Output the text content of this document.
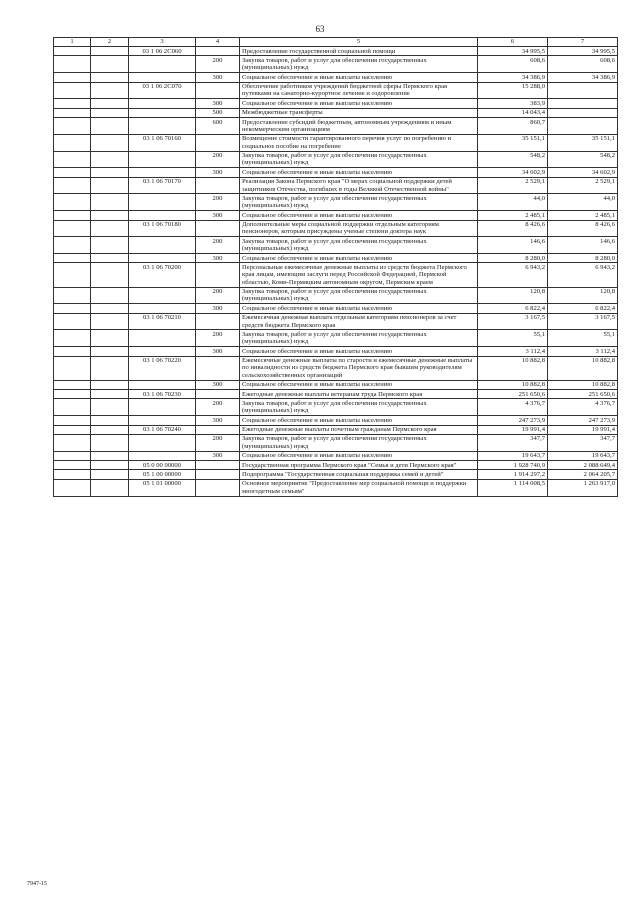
63
1	2	3	4	5	6	7
		03 1 06 2С060		Предоставление государственной социальной помощи	34 995,5	34 995,5
			200	Закупка товаров, работ и услуг для обеспечения государственных (муниципальных) нужд	608,6	608,6
			300	Социальное обеспечение и иные выплаты населению	34 386,9	34 386,9
		03 1 06 2С070		Обеспечение работников учреждений бюджетной сферы Пермского края путевками на санаторно-курортное лечение и оздоровление	15 288,0	
			300	Социальное обеспечение и иные выплаты населению	383,9	
			500	Межбюджетные трансферты	14 043,4	
			600	Предоставление субсидий бюджетным, автономным учреждениям и иным некоммерческим организациям	860,7	
		03 1 06 70160		Возмещение стоимости гарантированного перечня услуг по погребению и социальное пособие на погребение	35 151,1	35 151,1
			200	Закупка товаров, работ и услуг для обеспечения государственных (муниципальных) нужд	548,2	548,2
			300	Социальное обеспечение и иные выплаты населению	34 602,9	34 602,9
		03 1 06 70170		Реализация Закона Пермского края "О мерах социальной поддержки детей защитников Отечества, погибших в годы Великой Отечественной войны"	2 529,1	2 529,1
			200	Закупка товаров, работ и услуг для обеспечения государственных (муниципальных) нужд	44,0	44,0
			300	Социальное обеспечение и иные выплаты населению	2 485,1	2 485,1
		03 1 06 70180		Дополнительные меры социальной поддержки отдельным категориям пенсионеров, которым присуждены ученые степени доктора наук	8 426,6	8 426,6
			200	Закупка товаров, работ и услуг для обеспечения государственных (муниципальных) нужд	146,6	146,6
			300	Социальное обеспечение и иные выплаты населению	8 280,0	8 280,0
		03 1 06 70200		Персональные ежемесячные денежные выплаты из средств бюджета Пермского края лицам, имеющим заслуги перед Российской Федерацией, Пермской областью, Коми-Пермяцким автономным округом, Пермским краем	6 943,2	6 943,2
			200	Закупка товаров, работ и услуг для обеспечения государственных (муниципальных) нужд	120,8	120,8
			300	Социальное обеспечение и иные выплаты населению	6 822,4	6 822,4
		03 1 06 70210		Ежемесячная денежная выплата отдельным категориям пенсионеров за счет средств бюджета Пермского края	3 167,5	3 167,5
			200	Закупка товаров, работ и услуг для обеспечения государственных (муниципальных) нужд	55,1	55,1
			300	Социальное обеспечение и иные выплаты населению	3 112,4	3 112,4
		03 1 06 70220		Ежемесячные денежные выплаты по старости и ежемесячные денежные выплаты по инвалидности из средств бюджета Пермского края бывшим руководителям сельскохозяйственных организаций	10 882,8	10 882,8
			300	Социальное обеспечение и иные выплаты населению	10 882,8	10 882,8
		03 1 06 70230		Ежегодные денежные выплаты ветеранам труда Пермского края	251 650,6	251 650,6
			200	Закупка товаров, работ и услуг для обеспечения государственных (муниципальных) нужд	4 376,7	4 376,7
			300	Социальное обеспечение и иные выплаты населению	247 273,9	247 273,9
		03 1 06 70240		Ежегодные денежные выплаты почетным гражданам Пермского края	19 991,4	19 991,4
			200	Закупка товаров, работ и услуг для обеспечения государственных (муниципальных) нужд	347,7	347,7
			300	Социальное обеспечение и иные выплаты населению	19 643,7	19 643,7
		05 0 00 00000		Государственная программа Пермского края "Семья и дети Пермского края"	1 928 740,9	2 088 649,4
		05 1 00 00000		Подпрограмма "Государственная социальная поддержка семей и детей"	1 914 297,2	2 064 205,7
		05 1 01 00000		Основное мероприятие "Предоставление мер социальной помощи и поддержки многодетным семьям"	1 114 008,5	1 263 917,0
7947-15
